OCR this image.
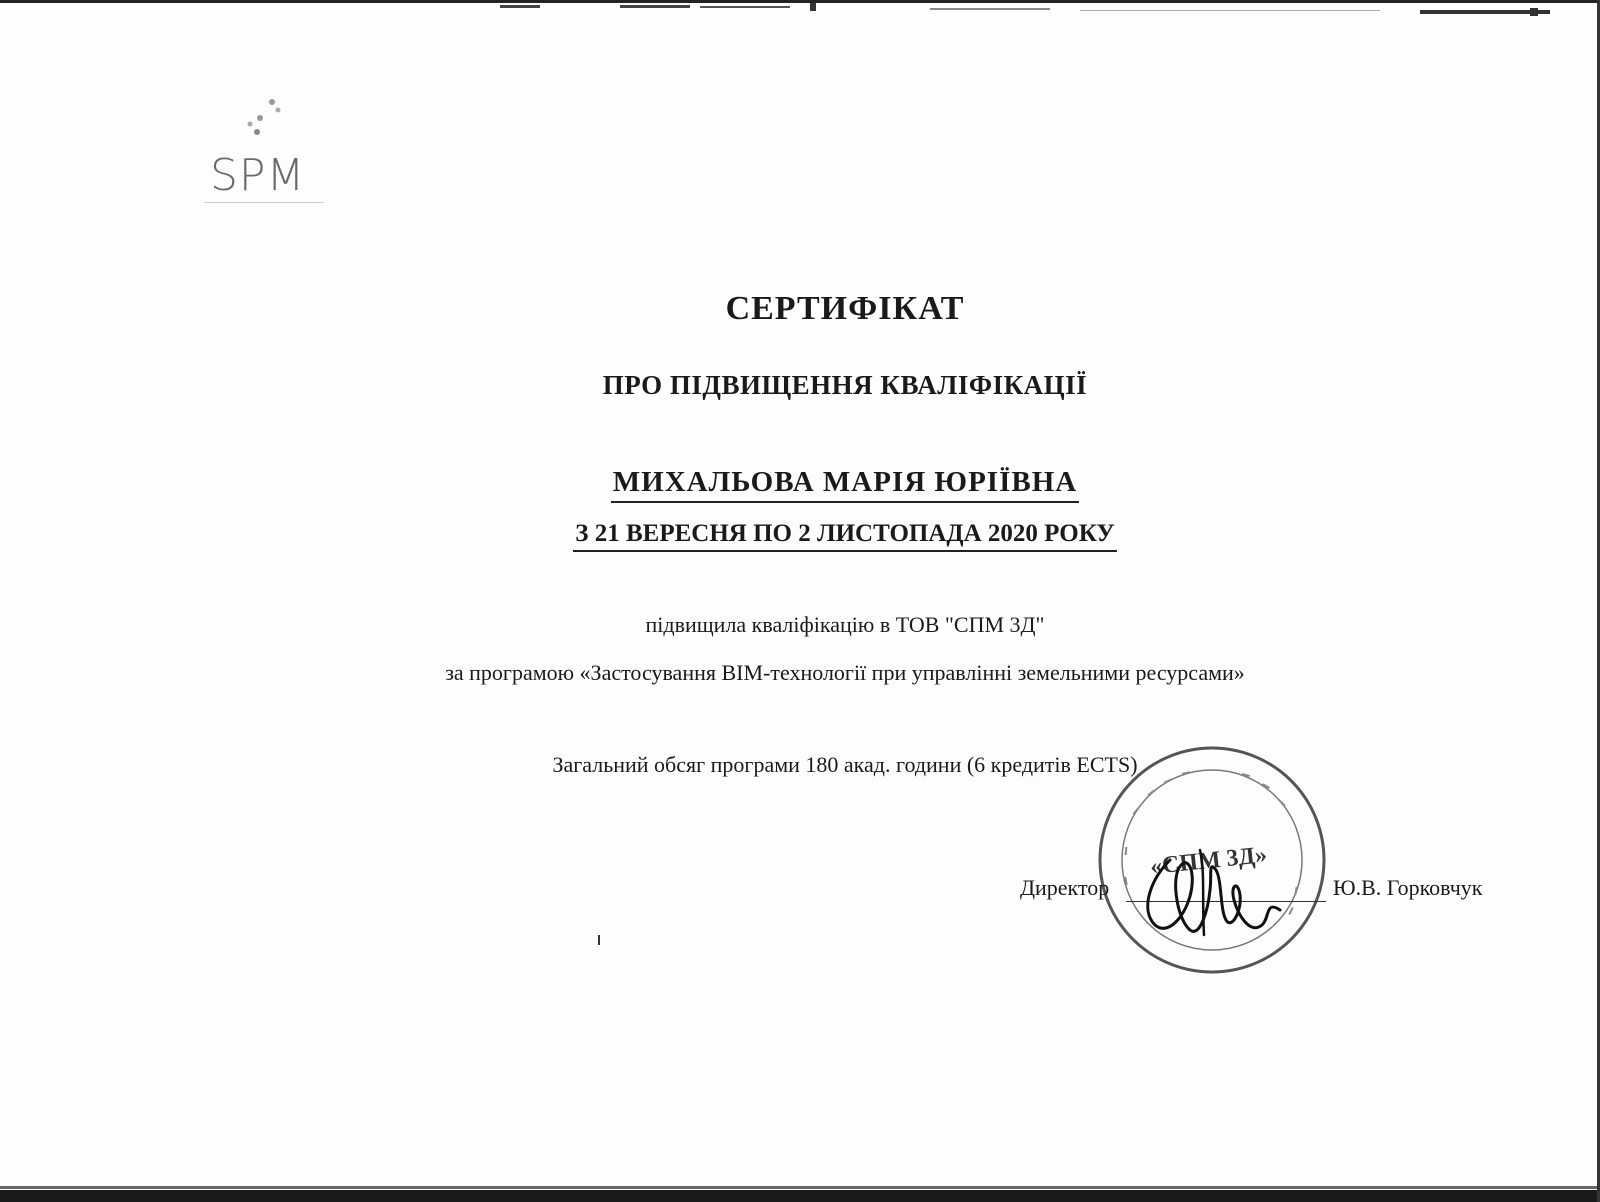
SPM
СЕРТИФІКАТ
ПРО ПІДВИЩЕННЯ КВАЛІФІКАЦІЇ
МИХАЛЬОВА МАРІЯ ЮРІЇВНА
З 21 ВЕРЕСНЯ ПО 2 ЛИСТОПАДА 2020 РОКУ
підвищила кваліфікацію в ТОВ "СПМ 3Д"
за програмою «Застосування BIM-технології при управлінні земельними ресурсами»
Загальний обсяг програми 180 акад. години (6 кредитів ECTS)
«СПМ 3Д»
Директор	Ю.В. Горковчук
